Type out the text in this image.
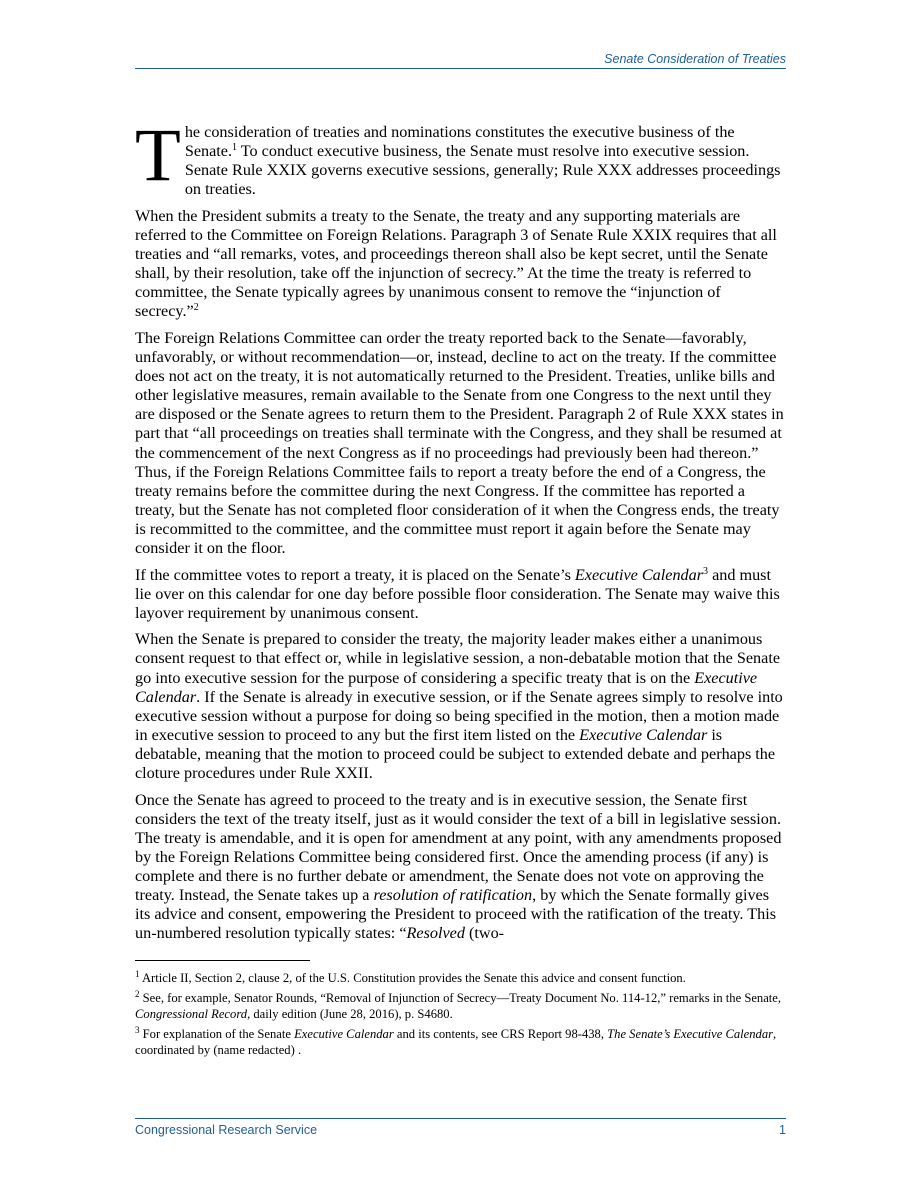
Senate Consideration of Treaties

The consideration of treaties and nominations constitutes the executive business of the Senate.$^1$ To conduct executive business, the Senate must resolve into executive session. Senate Rule XXIX governs executive sessions, generally; Rule XXX addresses proceedings on treaties.

When the President submits a treaty to the Senate, the treaty and any supporting materials are referred to the Committee on Foreign Relations. Paragraph 3 of Senate Rule XXIX requires that all treaties and “all remarks, votes, and proceedings thereon shall also be kept secret, until the Senate shall, by their resolution, take off the injunction of secrecy.” At the time the treaty is referred to committee, the Senate typically agrees by unanimous consent to remove the “injunction of secrecy.”$^2$

The Foreign Relations Committee can order the treaty reported back to the Senate—favorably, unfavorably, or without recommendation—or, instead, decline to act on the treaty. If the committee does not act on the treaty, it is not automatically returned to the President. Treaties, unlike bills and other legislative measures, remain available to the Senate from one Congress to the next until they are disposed or the Senate agrees to return them to the President. Paragraph 2 of Rule XXX states in part that “all proceedings on treaties shall terminate with the Congress, and they shall be resumed at the commencement of the next Congress as if no proceedings had previously been had thereon.” Thus, if the Foreign Relations Committee fails to report a treaty before the end of a Congress, the treaty remains before the committee during the next Congress. If the committee has reported a treaty, but the Senate has not completed floor consideration of it when the Congress ends, the treaty is recommitted to the committee, and the committee must report it again before the Senate may consider it on the floor.

If the committee votes to report a treaty, it is placed on the Senate’s Executive Calendar$^3$ and must lie over on this calendar for one day before possible floor consideration. The Senate may waive this layover requirement by unanimous consent.

When the Senate is prepared to consider the treaty, the majority leader makes either a unanimous consent request to that effect or, while in legislative session, a non-debatable motion that the Senate go into executive session for the purpose of considering a specific treaty that is on the Executive Calendar. If the Senate is already in executive session, or if the Senate agrees simply to resolve into executive session without a purpose for doing so being specified in the motion, then a motion made in executive session to proceed to any but the first item listed on the Executive Calendar is debatable, meaning that the motion to proceed could be subject to extended debate and perhaps the cloture procedures under Rule XXII.

Once the Senate has agreed to proceed to the treaty and is in executive session, the Senate first considers the text of the treaty itself, just as it would consider the text of a bill in legislative session. The treaty is amendable, and it is open for amendment at any point, with any amendments proposed by the Foreign Relations Committee being considered first. Once the amending process (if any) is complete and there is no further debate or amendment, the Senate does not vote on approving the treaty. Instead, the Senate takes up a resolution of ratification, by which the Senate formally gives its advice and consent, empowering the President to proceed with the ratification of the treaty. This un-numbered resolution typically states: “Resolved (two-

$^1$ Article II, Section 2, clause 2, of the U.S. Constitution provides the Senate this advice and consent function.

$^2$ See, for example, Senator Rounds, “Removal of Injunction of Secrecy—Treaty Document No. 114-12,” remarks in the Senate, Congressional Record, daily edition (June 28, 2016), p. S4680.

$^3$ For explanation of the Senate Executive Calendar and its contents, see CRS Report 98-438, The Senate’s Executive Calendar, coordinated by (name redacted) .

Congressional Research Service	1
